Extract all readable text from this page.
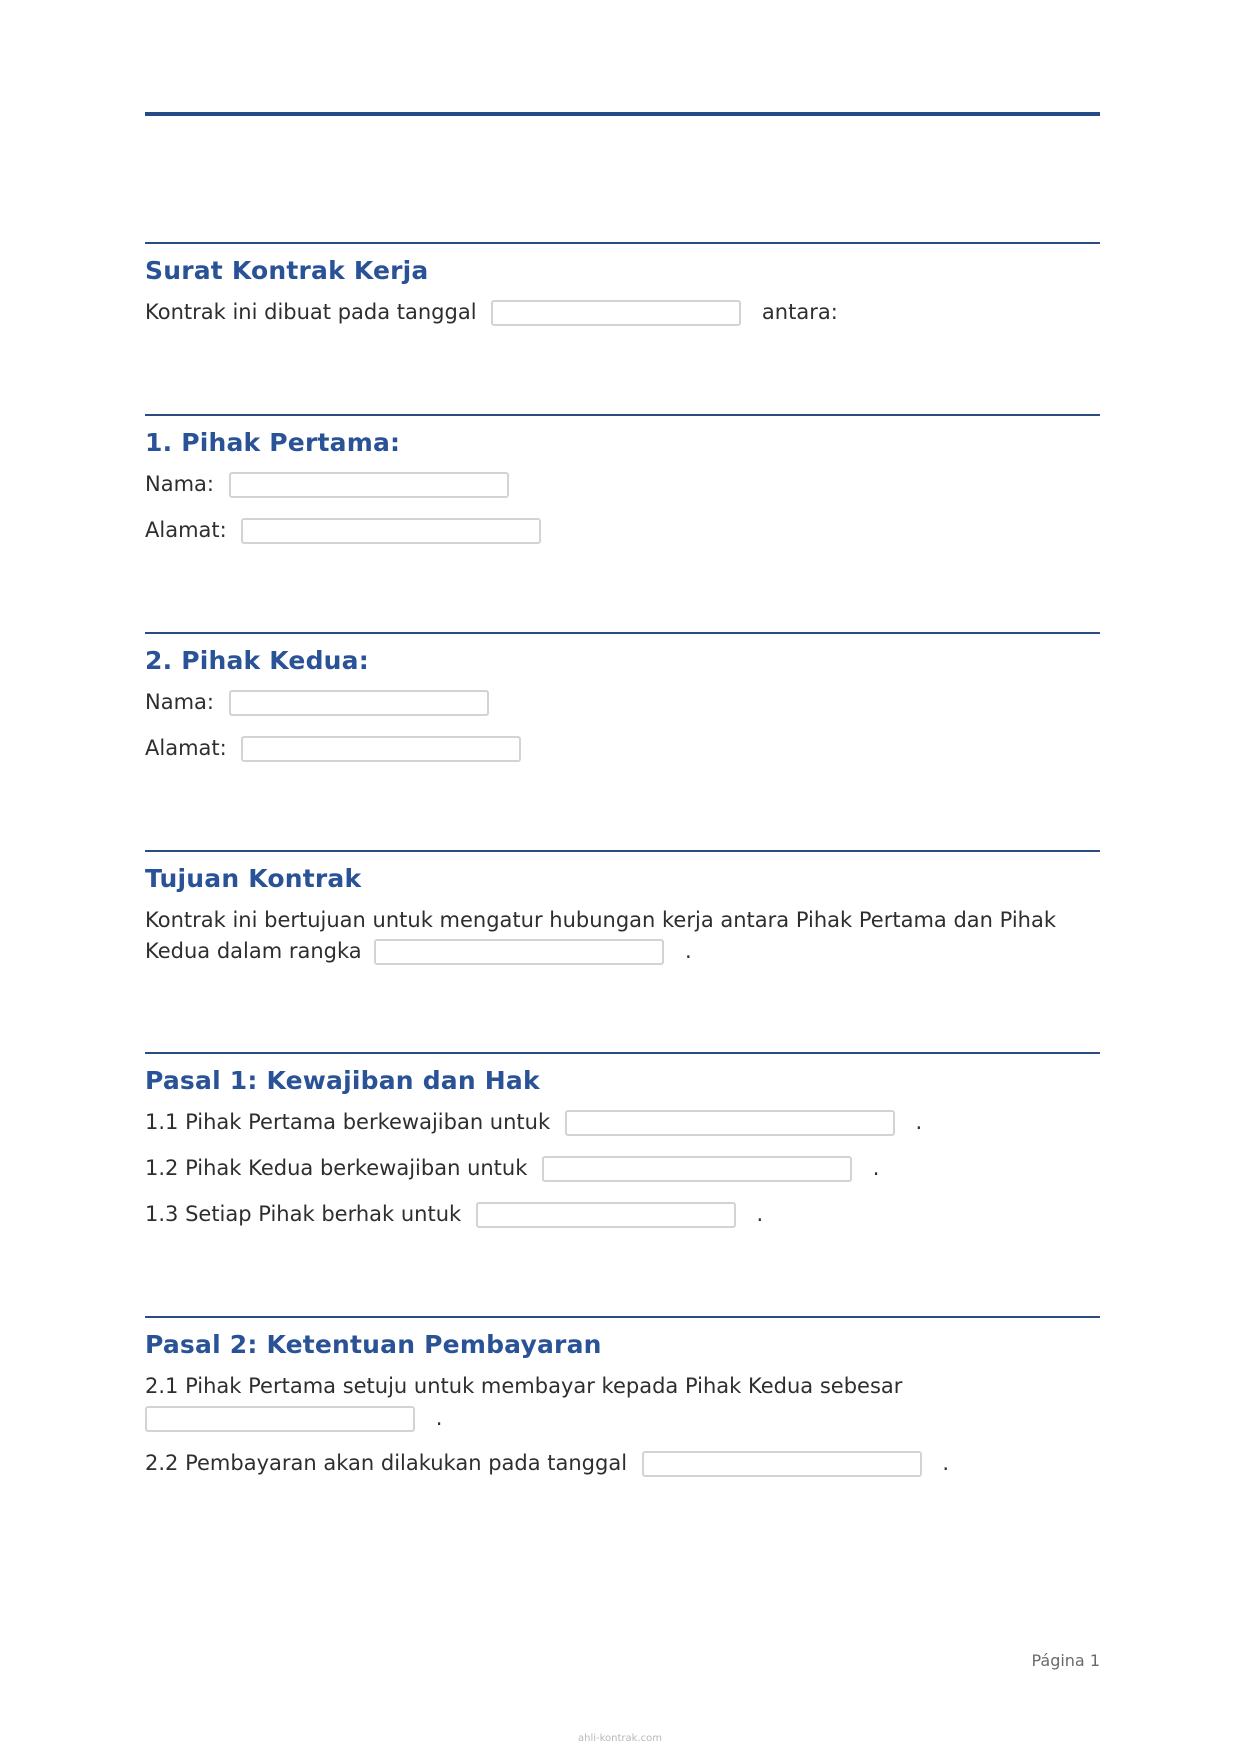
Surat Kontrak Kerja
Kontrak ini dibuat pada tanggal	antara:
1. Pihak Pertama:
Nama:
Alamat:
2. Pihak Kedua:
Nama:
Alamat:
Tujuan Kontrak
Kontrak ini bertujuan untuk mengatur hubungan kerja antara Pihak Pertama dan Pihak
Kedua dalam rangka	.
Pasal 1: Kewajiban dan Hak
1.1 Pihak Pertama berkewajiban untuk	.
1.2 Pihak Kedua berkewajiban untuk	.
1.3 Setiap Pihak berhak untuk	.
Pasal 2: Ketentuan Pembayaran
2.1 Pihak Pertama setuju untuk membayar kepada Pihak Kedua sebesar
.
2.2 Pembayaran akan dilakukan pada tanggal	.
Página 1
ahli-kontrak.com
